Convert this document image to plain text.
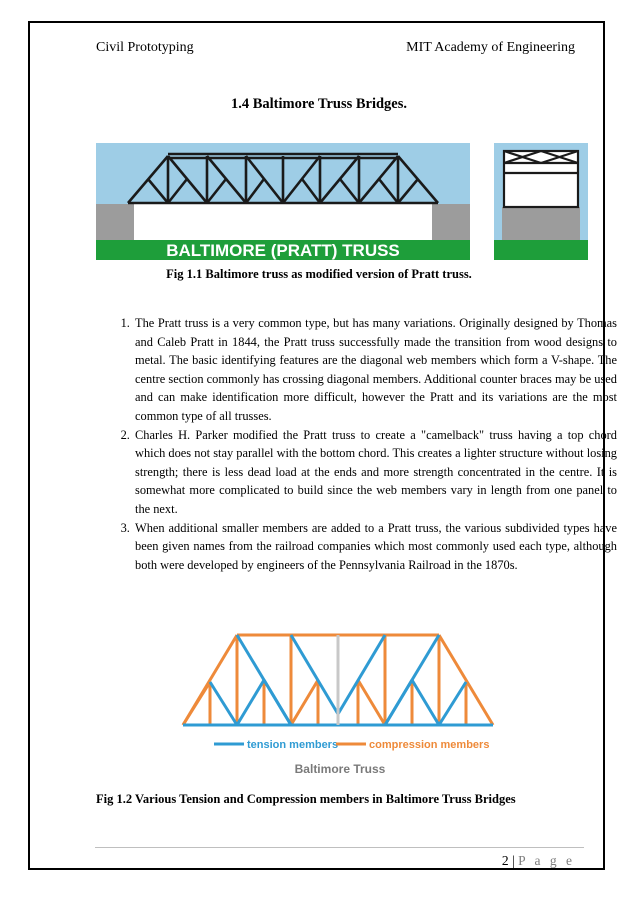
Civil Prototyping	MIT Academy of Engineering
1.4 Baltimore Truss Bridges.
BALTIMORE (PRATT) TRUSS
Fig 1.1 Baltimore truss as modified version of Pratt truss.
1. The Pratt truss is a very common type, but has many variations. Originally designed by Thomas and Caleb Pratt in 1844, the Pratt truss successfully made the transition from wood designs to metal. The basic identifying features are the diagonal web members which form a V-shape. The centre section commonly has crossing diagonal members. Additional counter braces may be used and can make identification more difficult, however the Pratt and its variations are the most common type of all trusses.
2. Charles H. Parker modified the Pratt truss to create a "camelback" truss having a top chord which does not stay parallel with the bottom chord. This creates a lighter structure without losing strength; there is less dead load at the ends and more strength concentrated in the centre. It is somewhat more complicated to build since the web members vary in length from one panel to the next.
3. When additional smaller members are added to a Pratt truss, the various subdivided types have been given names from the railroad companies which most commonly used each type, although both were developed by engineers of the Pennsylvania Railroad in the 1870s.
tension members	compression members
Baltimore Truss
Fig 1.2 Various Tension and Compression members in Baltimore Truss Bridges
2 | P a g e
